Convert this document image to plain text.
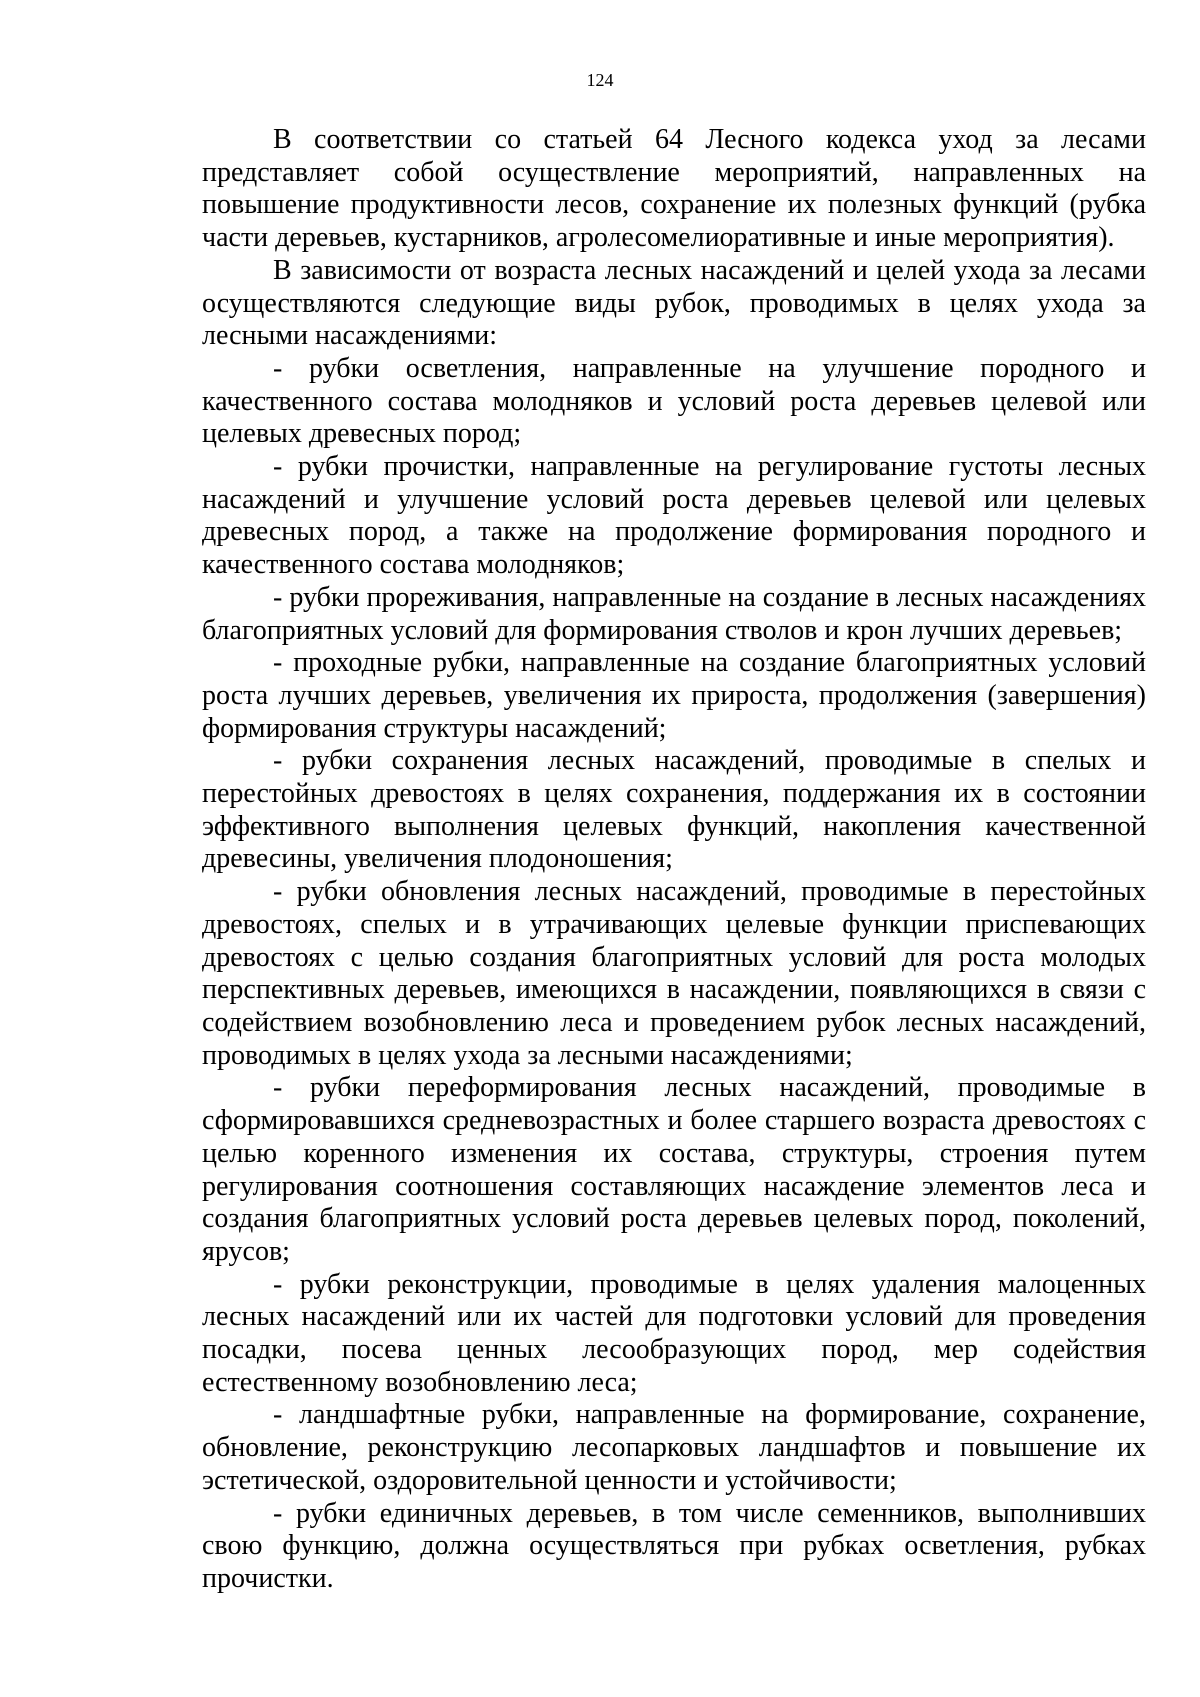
124

В соответствии со статьей 64 Лесного кодекса уход за лесами представляет собой осуществление мероприятий, направленных на повышение продуктивности лесов, сохранение их полезных функций (рубка части деревьев, кустарников, агролесомелиоративные и иные мероприятия).

В зависимости от возраста лесных насаждений и целей ухода за лесами осуществляются следующие виды рубок, проводимых в целях ухода за лесными насаждениями:

- рубки осветления, направленные на улучшение породного и качественного состава молодняков и условий роста деревьев целевой или целевых древесных пород;

- рубки прочистки, направленные на регулирование густоты лесных насаждений и улучшение условий роста деревьев целевой или целевых древесных пород, а также на продолжение формирования породного и качественного состава молодняков;

- рубки прореживания, направленные на создание в лесных насаждениях благоприятных условий для формирования стволов и крон лучших деревьев;

- проходные рубки, направленные на создание благоприятных условий роста лучших деревьев, увеличения их прироста, продолжения (завершения) формирования структуры насаждений;

- рубки сохранения лесных насаждений, проводимые в спелых и перестойных древостоях в целях сохранения, поддержания их в состоянии эффективного выполнения целевых функций, накопления качественной древесины, увеличения плодоношения;

- рубки обновления лесных насаждений, проводимые в перестойных древостоях, спелых и в утрачивающих целевые функции приспевающих древостоях с целью создания благоприятных условий для роста молодых перспективных деревьев, имеющихся в насаждении, появляющихся в связи с содействием возобновлению леса и проведением рубок лесных насаждений, проводимых в целях ухода за лесными насаждениями;

- рубки переформирования лесных насаждений, проводимые в сформировавшихся средневозрастных и более старшего возраста древостоях с целью коренного изменения их состава, структуры, строения путем регулирования соотношения составляющих насаждение элементов леса и создания благоприятных условий роста деревьев целевых пород, поколений, ярусов;

- рубки реконструкции, проводимые в целях удаления малоценных лесных насаждений или их частей для подготовки условий для проведения посадки, посева ценных лесообразующих пород, мер содействия естественному возобновлению леса;

- ландшафтные рубки, направленные на формирование, сохранение, обновление, реконструкцию лесопарковых ландшафтов и повышение их эстетической, оздоровительной ценности и устойчивости;

- рубки единичных деревьев, в том числе семенников, выполнивших свою функцию, должна осуществляться при рубках осветления, рубках прочистки.
